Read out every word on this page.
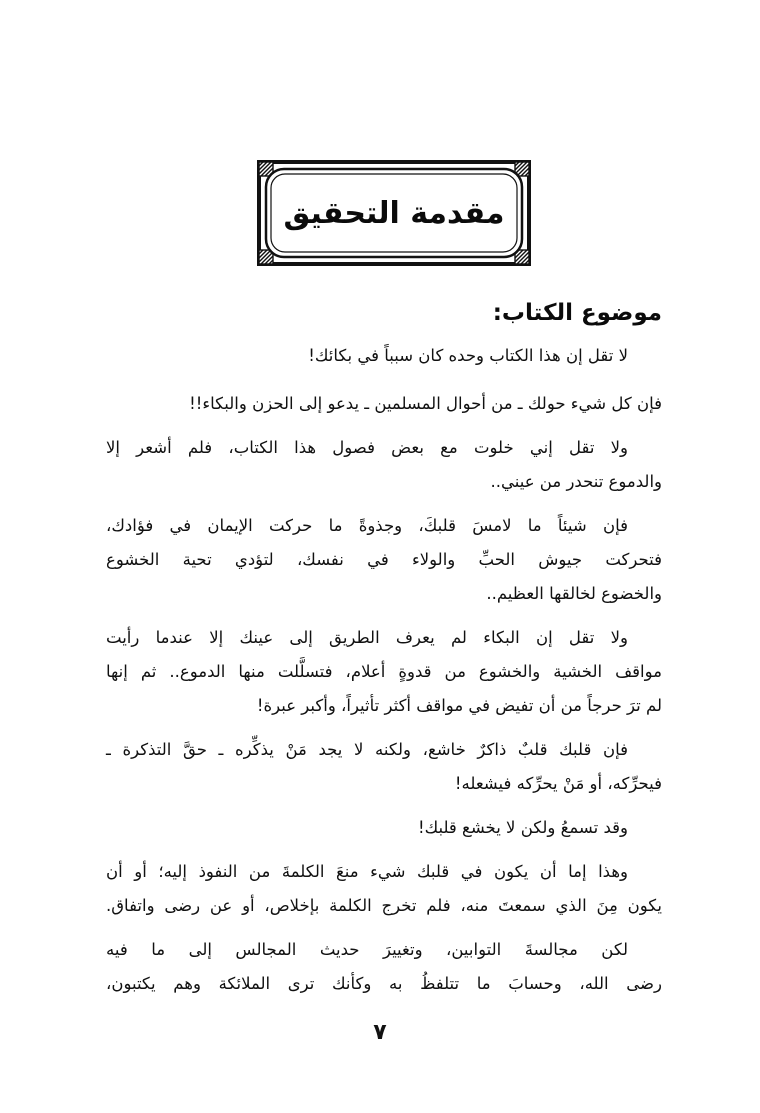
مقدمة التحقيق
موضوع الكتاب:
لا تقل إن هذا الكتاب وحده كان سبباً في بكائك!
فإن كل شيء حولك ـ من أحوال المسلمين ـ يدعو إلى الحزن والبكاء!!
ولا تقل إني خلوت مع بعض فصول هذا الكتاب، فلم أشعر إلا
والدموع تنحدر من عيني..
فإن شيئاً ما لامسَ قلبكَ، وجذوةً ما حركت الإيمان في فؤادك،
فتحركت جيوش الحبِّ والولاء في نفسك، لتؤدي تحية الخشوع
والخضوع لخالقها العظيم..
ولا تقل إن البكاء لم يعرف الطريق إلى عينك إلا عندما رأيت
مواقف الخشية والخشوع من قدوةٍ أعلام، فتسلَّلت منها الدموع.. ثم إنها
لم ترَ حرجاً من أن تفيض في مواقف أكثر تأثيراً، وأكبر عبرة!
فإن قلبك قلبٌ ذاكرٌ خاشع، ولكنه لا يجد مَنْ يذكِّره ـ حقَّ التذكرة ـ
فيحرِّكه، أو مَنْ يحرِّكه فيشعله!
وقد تسمعُ ولكن لا يخشع قلبك!
وهذا إما أن يكون في قلبك شيء منعَ الكلمةَ من النفوذ إليه؛ أو أن
يكون مِنَ الذي سمعتَ منه، فلم تخرج الكلمة بإخلاص، أو عن رضى واتفاق.
لكن مجالسةَ التوابين، وتغييرَ حديث المجالس إلى ما فيه
رضى الله، وحسابَ ما تتلفظُ به وكأنك ترى الملائكة وهم يكتبون،
٧
